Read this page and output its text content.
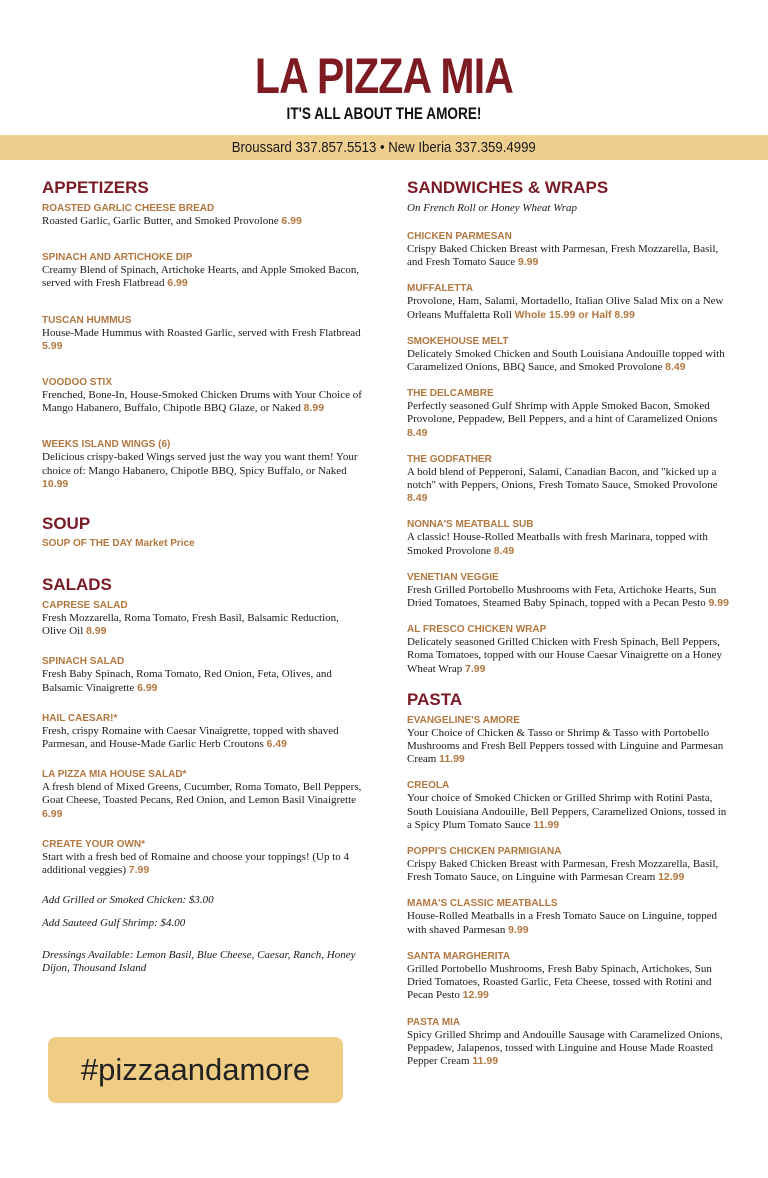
LA PIZZA MIA
IT'S ALL ABOUT THE AMORE!
Broussard 337.857.5513 • New Iberia 337.359.4999
APPETIZERS
ROASTED GARLIC CHEESE BREAD
Roasted Garlic, Garlic Butter, and Smoked Provolone 6.99
SPINACH AND ARTICHOKE DIP
Creamy Blend of Spinach, Artichoke Hearts, and Apple Smoked Bacon, served with Fresh Flatbread 6.99
TUSCAN HUMMUS
House-Made Hummus with Roasted Garlic, served with Fresh Flatbread 5.99
VOODOO STIX
Frenched, Bone-In, House-Smoked Chicken Drums with Your Choice of Mango Habanero, Buffalo, Chipotle BBQ Glaze, or Naked 8.99
WEEKS ISLAND WINGS (6)
Delicious crispy-baked Wings served just the way you want them! Your choice of: Mango Habanero, Chipotle BBQ, Spicy Buffalo, or Naked 10.99
SOUP
SOUP OF THE DAY Market Price
SALADS
CAPRESE SALAD
Fresh Mozzarella, Roma Tomato, Fresh Basil, Balsamic Reduction, Olive Oil 8.99
SPINACH SALAD
Fresh Baby Spinach, Roma Tomato, Red Onion, Feta, Olives, and Balsamic Vinaigrette 6.99
HAIL CAESAR!*
Fresh, crispy Romaine with Caesar Vinaigrette, topped with shaved Parmesan, and House-Made Garlic Herb Croutons 6.49
LA PIZZA MIA HOUSE SALAD*
A fresh blend of Mixed Greens, Cucumber, Roma Tomato, Bell Peppers, Goat Cheese, Toasted Pecans, Red Onion, and Lemon Basil Vinaigrette 6.99
CREATE YOUR OWN*
Start with a fresh bed of Romaine and choose your toppings! (Up to 4 additional veggies) 7.99
Add Grilled or Smoked Chicken: $3.00
Add Sauteed Gulf Shrimp: $4.00
Dressings Available: Lemon Basil, Blue Cheese, Caesar, Ranch, Honey Dijon, Thousand Island
#pizzaandamore
SANDWICHES & WRAPS
On French Roll or Honey Wheat Wrap
CHICKEN PARMESAN
Crispy Baked Chicken Breast with Parmesan, Fresh Mozzarella, Basil, and Fresh Tomato Sauce 9.99
MUFFALETTA
Provolone, Ham, Salami, Mortadello, Italian Olive Salad Mix on a New Orleans Muffaletta Roll Whole 15.99 or Half 8.99
SMOKEHOUSE MELT
Delicately Smoked Chicken and South Louisiana Andouille topped with Caramelized Onions, BBQ Sauce, and Smoked Provolone 8.49
THE DELCAMBRE
Perfectly seasoned Gulf Shrimp with Apple Smoked Bacon, Smoked Provolone, Peppadew, Bell Peppers, and a hint of Caramelized Onions 8.49
THE GODFATHER
A bold blend of Pepperoni, Salami, Canadian Bacon, and "kicked up a notch" with Peppers, Onions, Fresh Tomato Sauce, Smoked Provolone 8.49
NONNA'S MEATBALL SUB
A classic! House-Rolled Meatballs with fresh Marinara, topped with Smoked Provolone 8.49
VENETIAN VEGGIE
Fresh Grilled Portobello Mushrooms with Feta, Artichoke Hearts, Sun Dried Tomatoes, Steamed Baby Spinach, topped with a Pecan Pesto 9.99
AL FRESCO CHICKEN WRAP
Delicately seasoned Grilled Chicken with Fresh Spinach, Bell Peppers, Roma Tomatoes, topped with our House Caesar Vinaigrette on a Honey Wheat Wrap 7.99
PASTA
EVANGELINE'S AMORE
Your Choice of Chicken & Tasso or Shrimp & Tasso with Portobello Mushrooms and Fresh Bell Peppers tossed with Linguine and Parmesan Cream 11.99
CREOLA
Your choice of Smoked Chicken or Grilled Shrimp with Rotini Pasta, South Louisiana Andouille, Bell Peppers, Caramelized Onions, tossed in a Spicy Plum Tomato Sauce 11.99
POPPI'S CHICKEN PARMIGIANA
Crispy Baked Chicken Breast with Parmesan, Fresh Mozzarella, Basil, Fresh Tomato Sauce, on Linguine with Parmesan Cream 12.99
MAMA'S CLASSIC MEATBALLS
House-Rolled Meatballs in a Fresh Tomato Sauce on Linguine, topped with shaved Parmesan 9.99
SANTA MARGHERITA
Grilled Portobello Mushrooms, Fresh Baby Spinach, Artichokes, Sun Dried Tomatoes, Roasted Garlic, Feta Cheese, tossed with Rotini and Pecan Pesto 12.99
PASTA MIA
Spicy Grilled Shrimp and Andouille Sausage with Caramelized Onions, Peppadew, Jalapenos, tossed with Linguine and House Made Roasted Pepper Cream 11.99
